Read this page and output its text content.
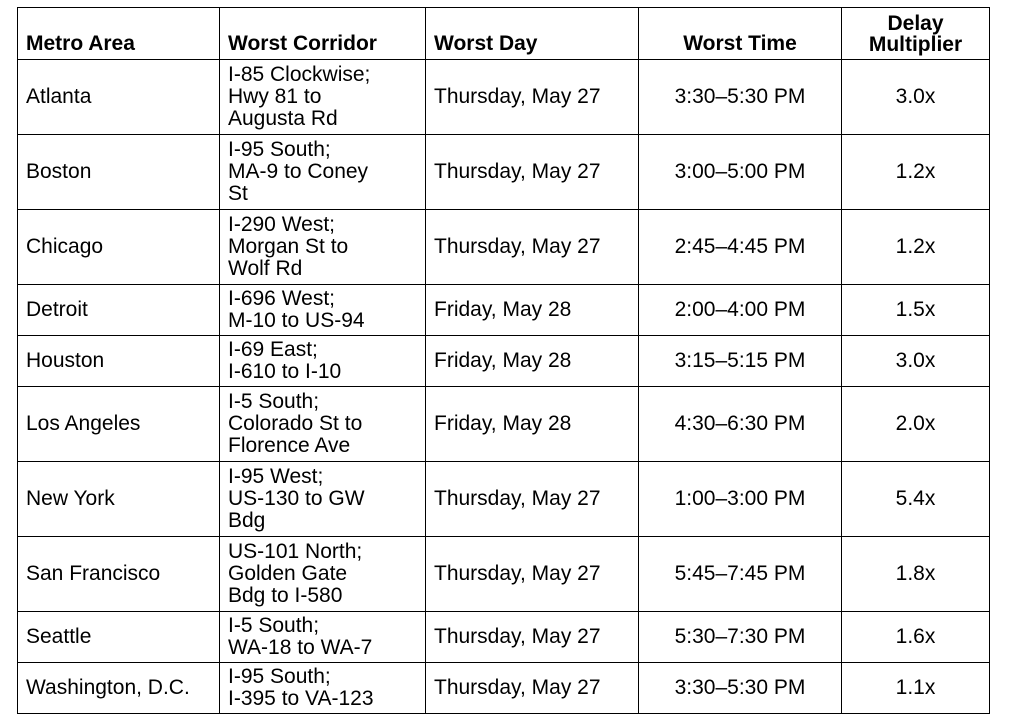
Metro Area	Worst Corridor	Worst Day	Worst Time	Delay
Multiplier
Atlanta	I-85 Clockwise;
Hwy 81 to
Augusta Rd	Thursday, May 27	3:30–5:30 PM	3.0x
Boston	I-95 South;
MA-9 to Coney
St	Thursday, May 27	3:00–5:00 PM	1.2x
Chicago	I-290 West;
Morgan St to
Wolf Rd	Thursday, May 27	2:45–4:45 PM	1.2x
Detroit	I-696 West;
M-10 to US-94	Friday, May 28	2:00–4:00 PM	1.5x
Houston	I-69 East;
I-610 to I-10	Friday, May 28	3:15–5:15 PM	3.0x
Los Angeles	I-5 South;
Colorado St to
Florence Ave	Friday, May 28	4:30–6:30 PM	2.0x
New York	I-95 West;
US-130 to GW
Bdg	Thursday, May 27	1:00–3:00 PM	5.4x
San Francisco	US-101 North;
Golden Gate
Bdg to I-580	Thursday, May 27	5:45–7:45 PM	1.8x
Seattle	I-5 South;
WA-18 to WA-7	Thursday, May 27	5:30–7:30 PM	1.6x
Washington, D.C.	I-95 South;
I-395 to VA-123	Thursday, May 27	3:30–5:30 PM	1.1x
